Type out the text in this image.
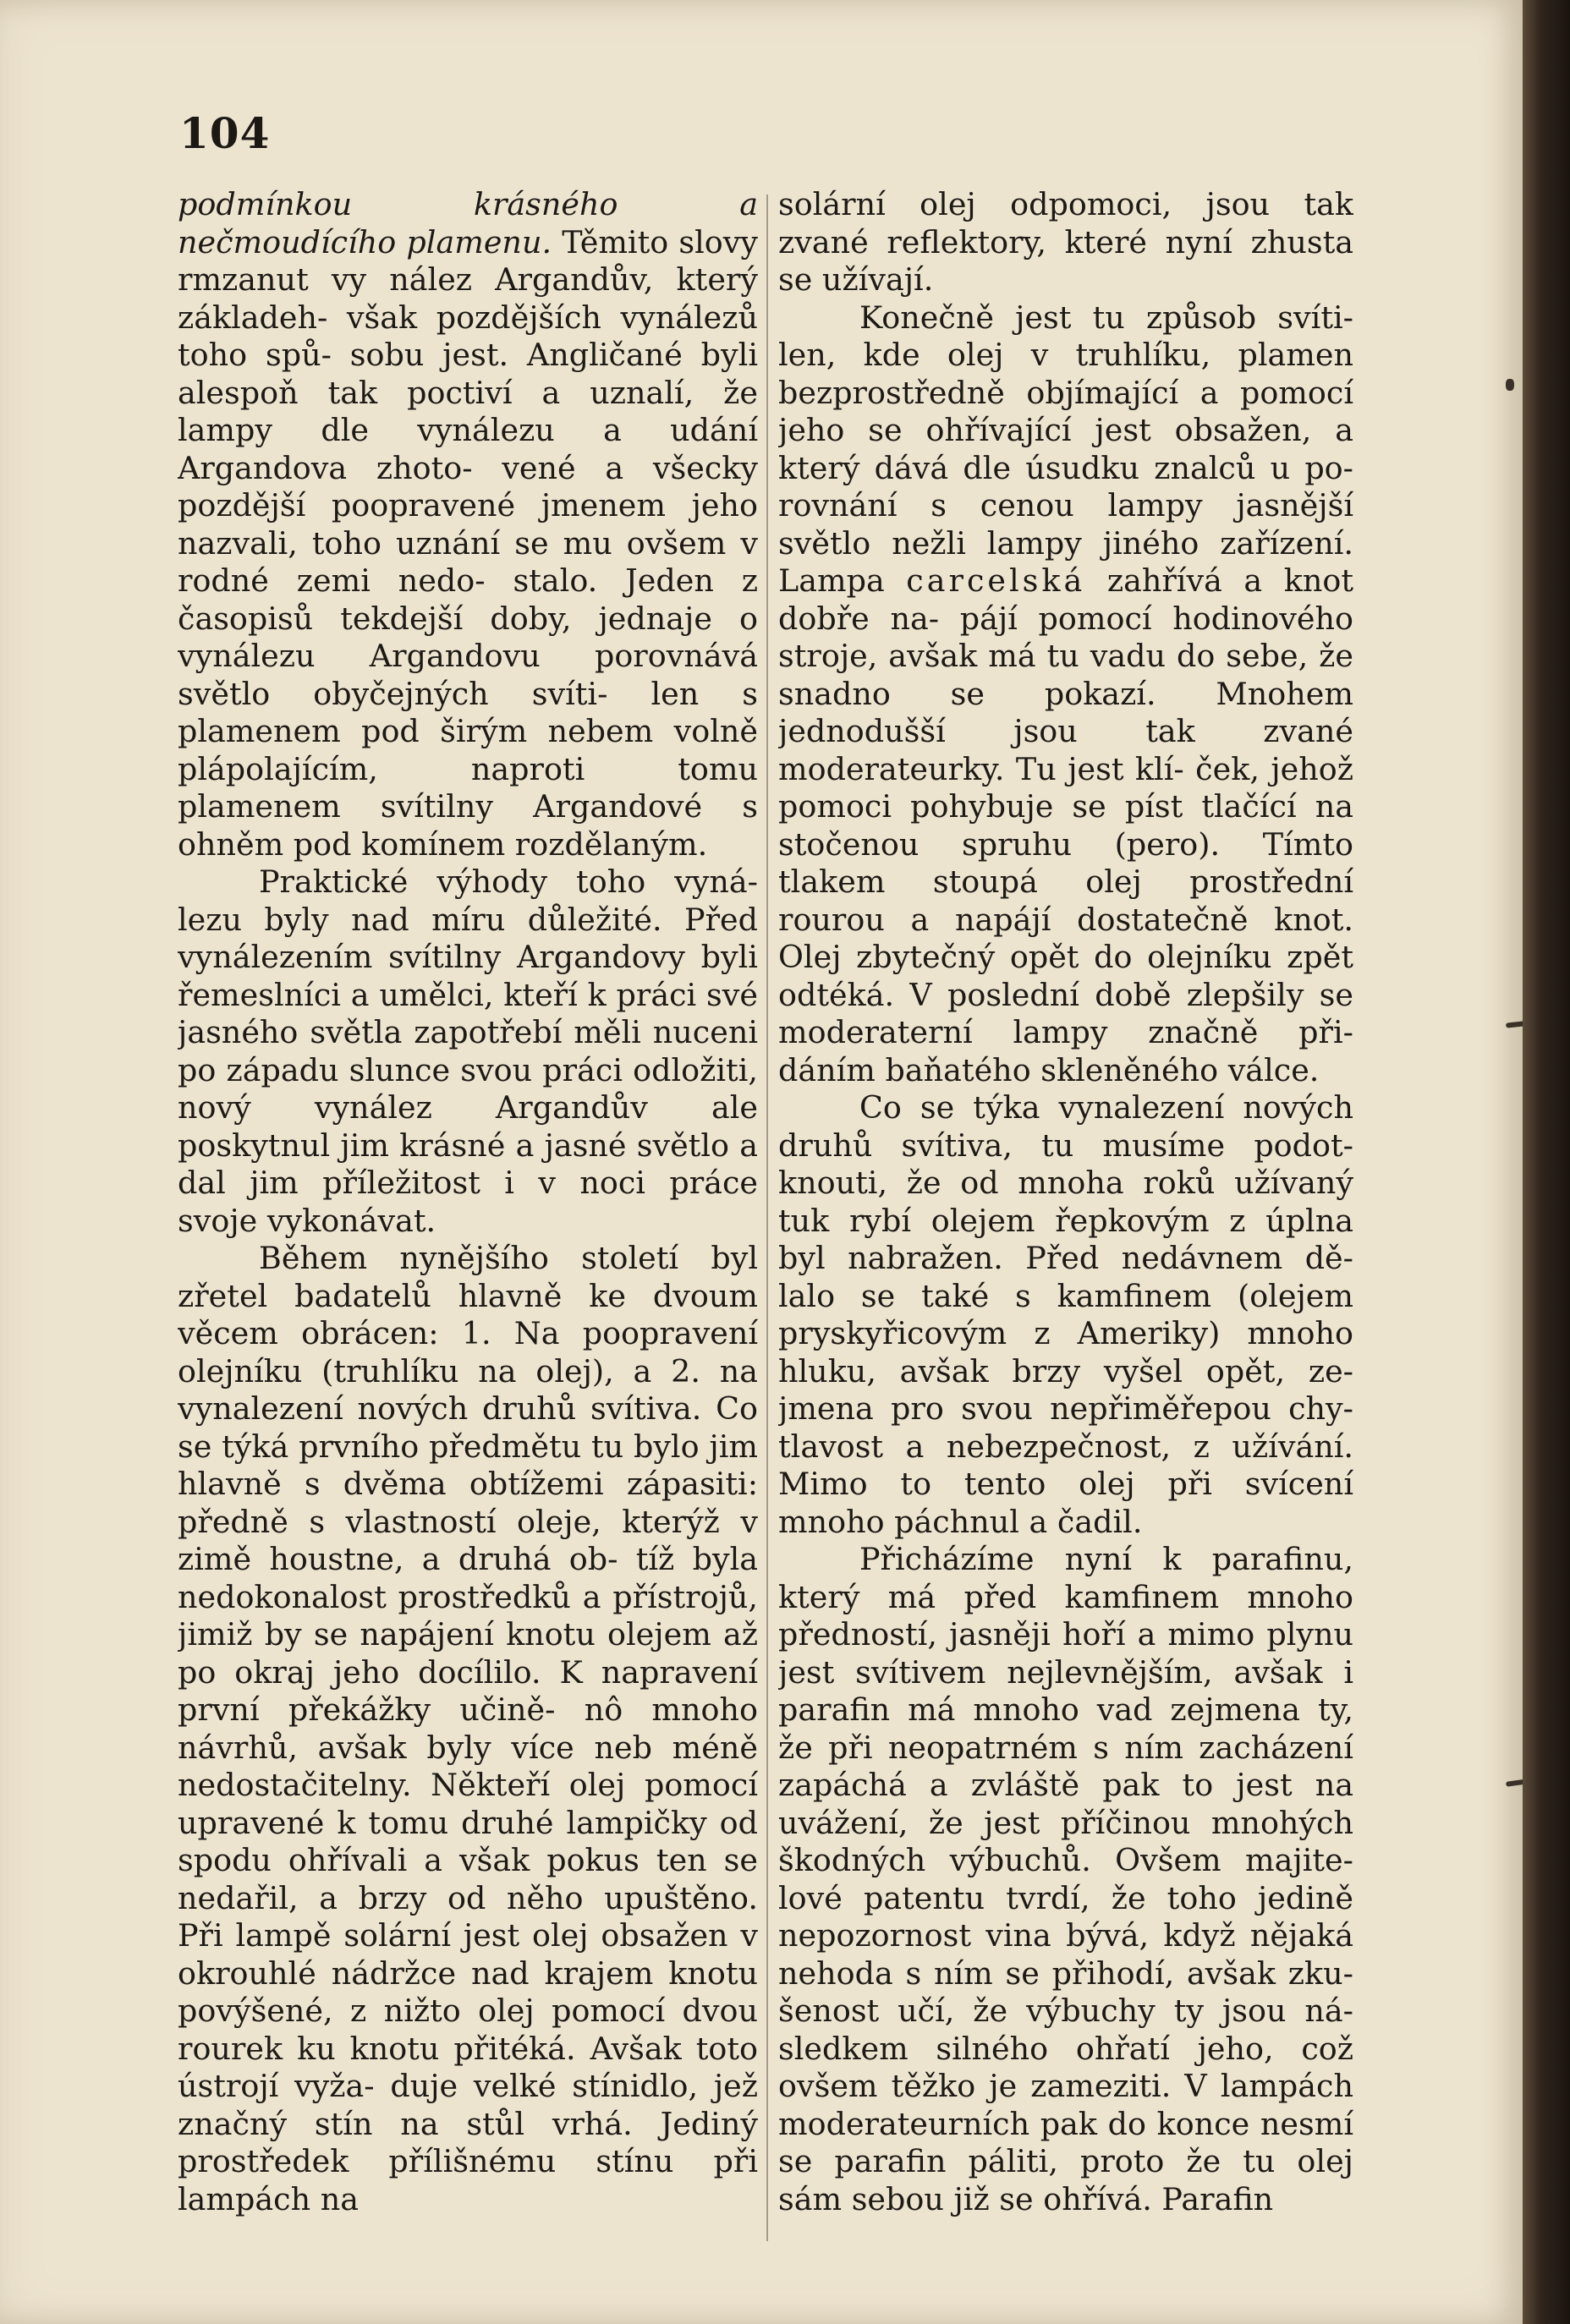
104

podmínkou krásného a nečmoudícího plamenu. Těmito slovy rmzanut vy nález Argandův, který základeh- však pozdějších vynálezů toho spů- sobu jest. Angličané byli alespoň tak poctiví a uznalí, že lampy dle vynálezu a udání Argandova zhoto- vené a všecky pozdější poopravené jmenem jeho nazvali, toho uznání se mu ovšem v rodné zemi nedo- stalo. Jeden z časopisů tekdejší doby, jednaje o vynálezu Argandovu porovnává světlo obyčejných svíti- len s plamenem pod širým nebem volně plápolajícím, naproti tomu plamenem svítilny Argandové s ohněm pod komínem rozdělaným.

Praktické výhody toho vyná- lezu byly nad míru důležité. Před vynálezením svítilny Argandovy byli řemeslníci a umělci, kteří k práci své jasného světla zapotřebí měli nuceni po západu slunce svou práci odložiti, nový vynález Argandův ale poskytnul jim krásné a jasné světlo a dal jim příležitost i v noci práce svoje vykonávat.

Během nynějšího století byl zřetel badatelů hlavně ke dvoum věcem obrácen: 1. Na poopravení olejníku (truhlíku na olej), a 2. na vynalezení nových druhů svítiva. Co se týká prvního předmětu tu bylo jim hlavně s dvěma obtížemi zápasiti: předně s vlastností oleje, kterýž v zimě houstne, a druhá ob- tíž byla nedokonalost prostředků a přístrojů, jimiž by se napájení knotu olejem až po okraj jeho docílilo. K napravení první překážky učině- nô mnoho návrhů, avšak byly více neb méně nedostačitelny. Někteří olej pomocí upravené k tomu druhé lampičky od spodu ohřívali a však pokus ten se nedařil, a brzy od něho upuštěno. Při lampě solární jest olej obsažen v okrouhlé nádržce nad krajem knotu povýšené, z nižto olej pomocí dvou rourek ku knotu přitéká. Avšak toto ústrojí vyža- duje velké stínidlo, jež značný stín na stůl vrhá. Jediný prostředek přílišnému stínu při lampách na

solární olej odpomoci, jsou tak zvané reflektory, které nyní zhusta se užívají.

Konečně jest tu způsob svíti- len, kde olej v truhlíku, plamen bezprostředně objímající a pomocí jeho se ohřívající jest obsažen, a který dává dle úsudku znalců u po- rovnání s cenou lampy jasnější světlo nežli lampy jiného zařízení. Lampa carcelská zahřívá a knot dobře na- pájí pomocí hodinového stroje, avšak má tu vadu do sebe, že snadno se pokazí. Mnohem jednodušší jsou tak zvané moderateurky. Tu jest klí- ček, jehož pomoci pohybuje se píst tlačící na stočenou spruhu (pero). Tímto tlakem stoupá olej prostřední rourou a napájí dostatečně knot. Olej zbytečný opět do olejníku zpět odtéká. V poslední době zlepšily se moderaterní lampy značně při- dáním baňatého skleněného válce.

Co se týka vynalezení nových druhů svítiva, tu musíme podot- knouti, že od mnoha roků užívaný tuk rybí olejem řepkovým z úplna byl nabražen. Před nedávnem dě- lalo se také s kamfinem (olejem pryskyřicovým z Ameriky) mnoho hluku, avšak brzy vyšel opět, ze- jmena pro svou nepřiměřepou chy- tlavost a nebezpečnost, z užívání. Mimo to tento olej při svícení mnoho páchnul a čadil.

Přicházíme nyní k parafinu, který má před kamfinem mnoho předností, jasněji hoří a mimo plynu jest svítivem nejlevnějším, avšak i parafin má mnoho vad zejmena ty, že při neopatrném s ním zacházení zapáchá a zvláště pak to jest na uvážení, že jest příčinou mnohých škodných výbuchů. Ovšem majite- lové patentu tvrdí, že toho jedině nepozornost vina bývá, když nějaká nehoda s ním se přihodí, avšak zku- šenost učí, že výbuchy ty jsou ná- sledkem silného ohřatí jeho, což ovšem těžko je zameziti. V lampách moderateurních pak do konce nesmí se parafin páliti, proto že tu olej sám sebou již se ohřívá. Parafin
